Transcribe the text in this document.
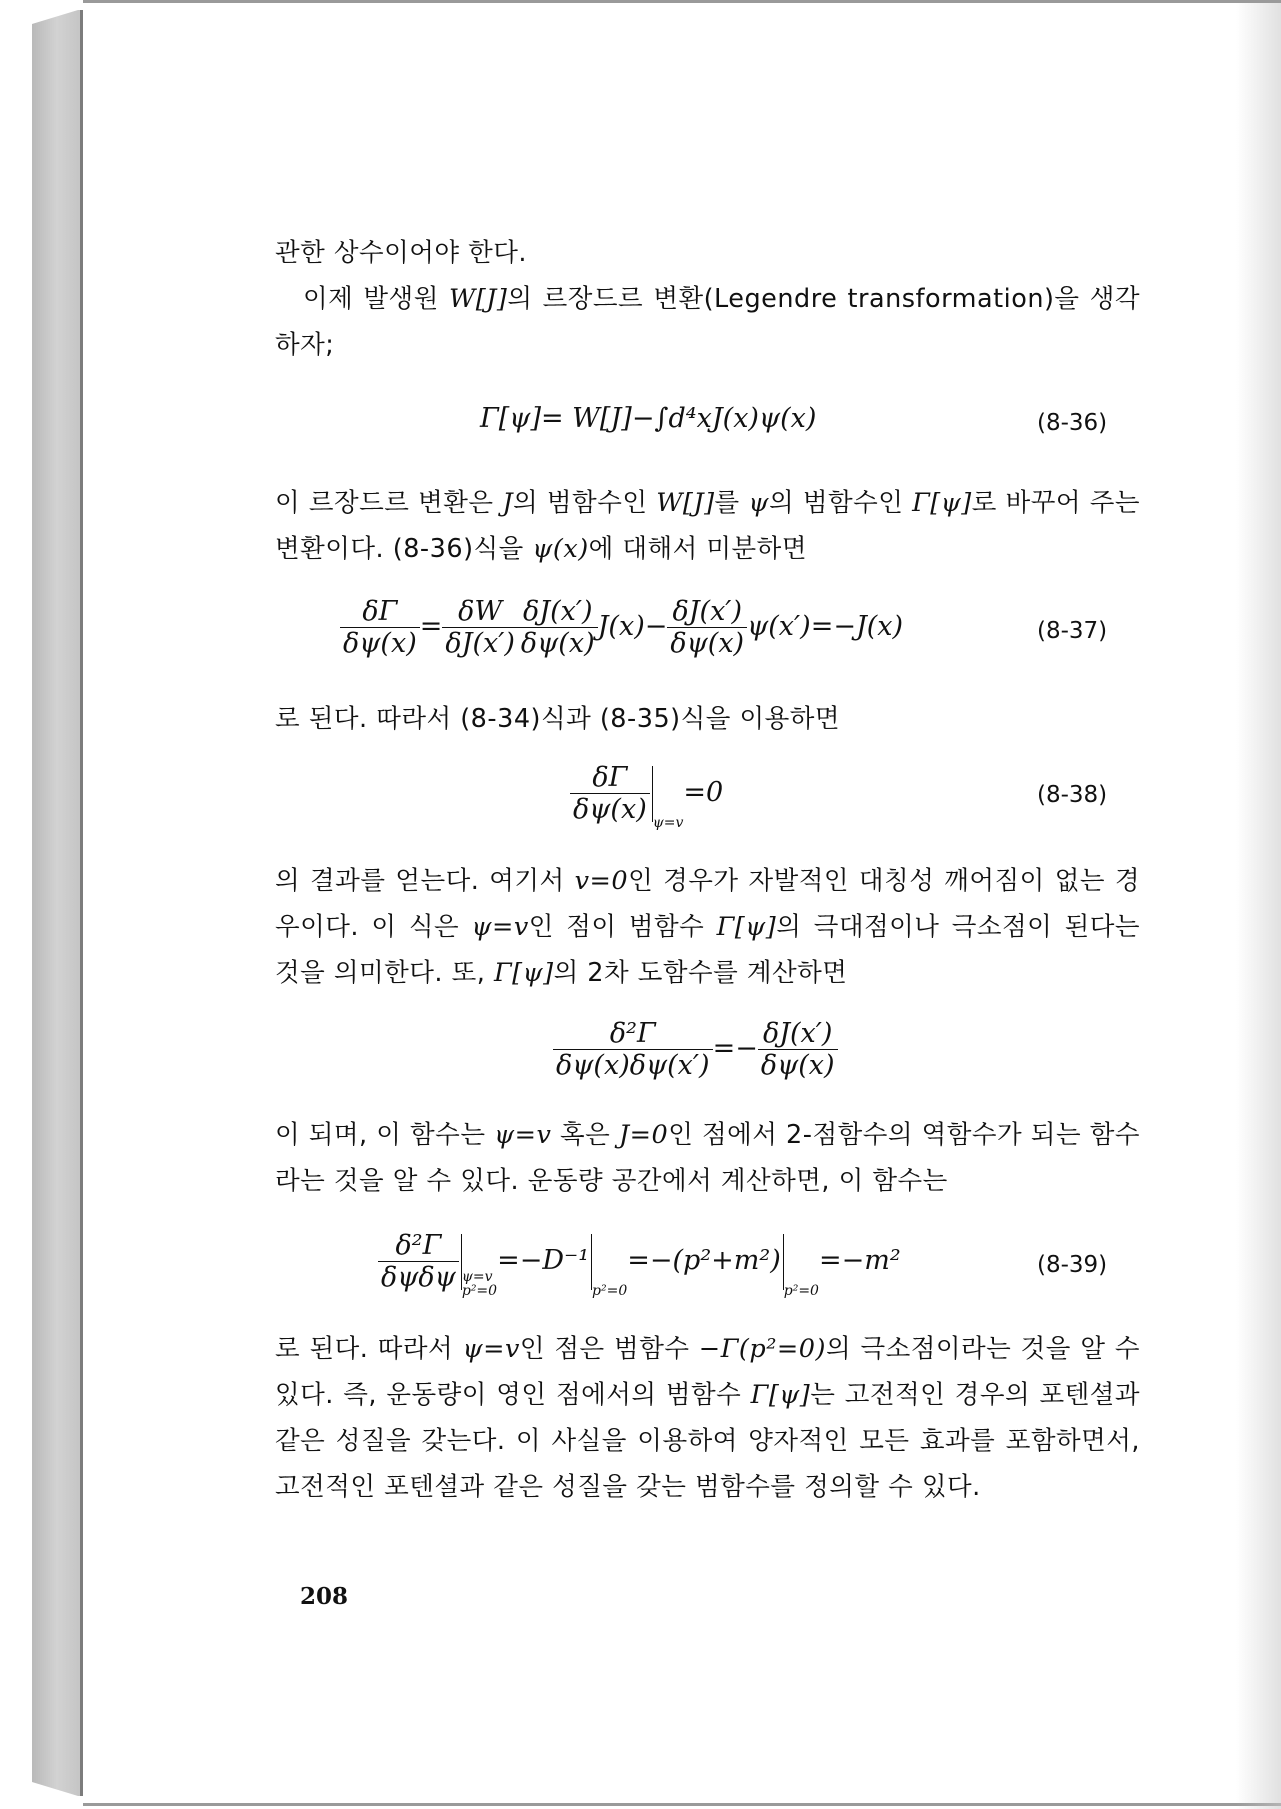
관한 상수이어야 한다.

이제 발생원 W[J]의 르장드르 변환(Legendre transformation)을 생각하자;

Γ[ψ]= W[J]−∫d⁴xJ(x)ψ(x)	(8-36)

이 르장드르 변환은 J의 범함수인 W[J]를 ψ의 범함수인 Γ[ψ]로 바꾸어 주는 변환이다. (8-36)식을 ψ(x)에 대해서 미분하면

$\frac{\delta\Gamma}{\delta\psi(x)} = \frac{\delta W}{\delta J(x')} \frac{\delta J(x')}{\delta\psi(x)} J(x)- \frac{\delta J(x')}{\delta\psi(x)} \psi(x')=-J(x)$	(8-37)

로 된다. 따라서 (8-34)식과 (8-35)식을 이용하면

$\frac{\delta\Gamma}{\delta\psi(x)} \psi=v=0$	(8-38)

의 결과를 얻는다. 여기서 v=0인 경우가 자발적인 대칭성 깨어짐이 없는 경우이다. 이 식은 ψ=v인 점이 범함수 Γ[ψ]의 극대점이나 극소점이 된다는 것을 의미한다. 또, Γ[ψ]의 2차 도함수를 계산하면

$\frac{\text{δ²Γ}}{\delta\psi(x)\delta\psi(x')} =- \frac{\delta J(x')}{\delta\psi(x)}$

이 되며, 이 함수는 ψ=v 혹은 J=0인 점에서 2-점함수의 역함수가 되는 함수라는 것을 알 수 있다. 운동량 공간에서 계산하면, 이 함수는

$\frac{\text{δ²Γ}}{\text{δψδψ}} \psi=v$
p²=0=−D⁻¹p²=0=−(p²+m²)p²=0=−m²	(8-39)

로 된다. 따라서 ψ=v인 점은 범함수 −Γ(p²=0)의 극소점이라는 것을 알 수 있다. 즉, 운동량이 영인 점에서의 범함수 Γ[ψ]는 고전적인 경우의 포텐셜과 같은 성질을 갖는다. 이 사실을 이용하여 양자적인 모든 효과를 포함하면서, 고전적인 포텐셜과 같은 성질을 갖는 범함수를 정의할 수 있다.

208
